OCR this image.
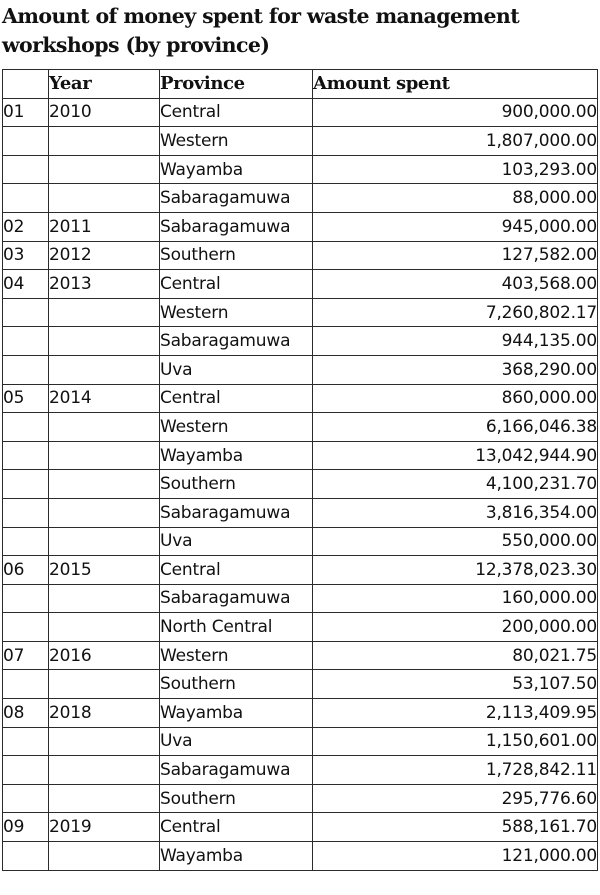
Amount of money spent for waste management workshops (by province)
	Year	Province	Amount spent
01	2010	Central	900,000.00
		Western	1,807,000.00
		Wayamba	103,293.00
		Sabaragamuwa	88,000.00
02	2011	Sabaragamuwa	945,000.00
03	2012	Southern	127,582.00
04	2013	Central	403,568.00
		Western	7,260,802.17
		Sabaragamuwa	944,135.00
		Uva	368,290.00
05	2014	Central	860,000.00
		Western	6,166,046.38
		Wayamba	13,042,944.90
		Southern	4,100,231.70
		Sabaragamuwa	3,816,354.00
		Uva	550,000.00
06	2015	Central	12,378,023.30
		Sabaragamuwa	160,000.00
		North Central	200,000.00
07	2016	Western	80,021.75
		Southern	53,107.50
08	2018	Wayamba	2,113,409.95
		Uva	1,150,601.00
		Sabaragamuwa	1,728,842.11
		Southern	295,776.60
09	2019	Central	588,161.70
		Wayamba	121,000.00
